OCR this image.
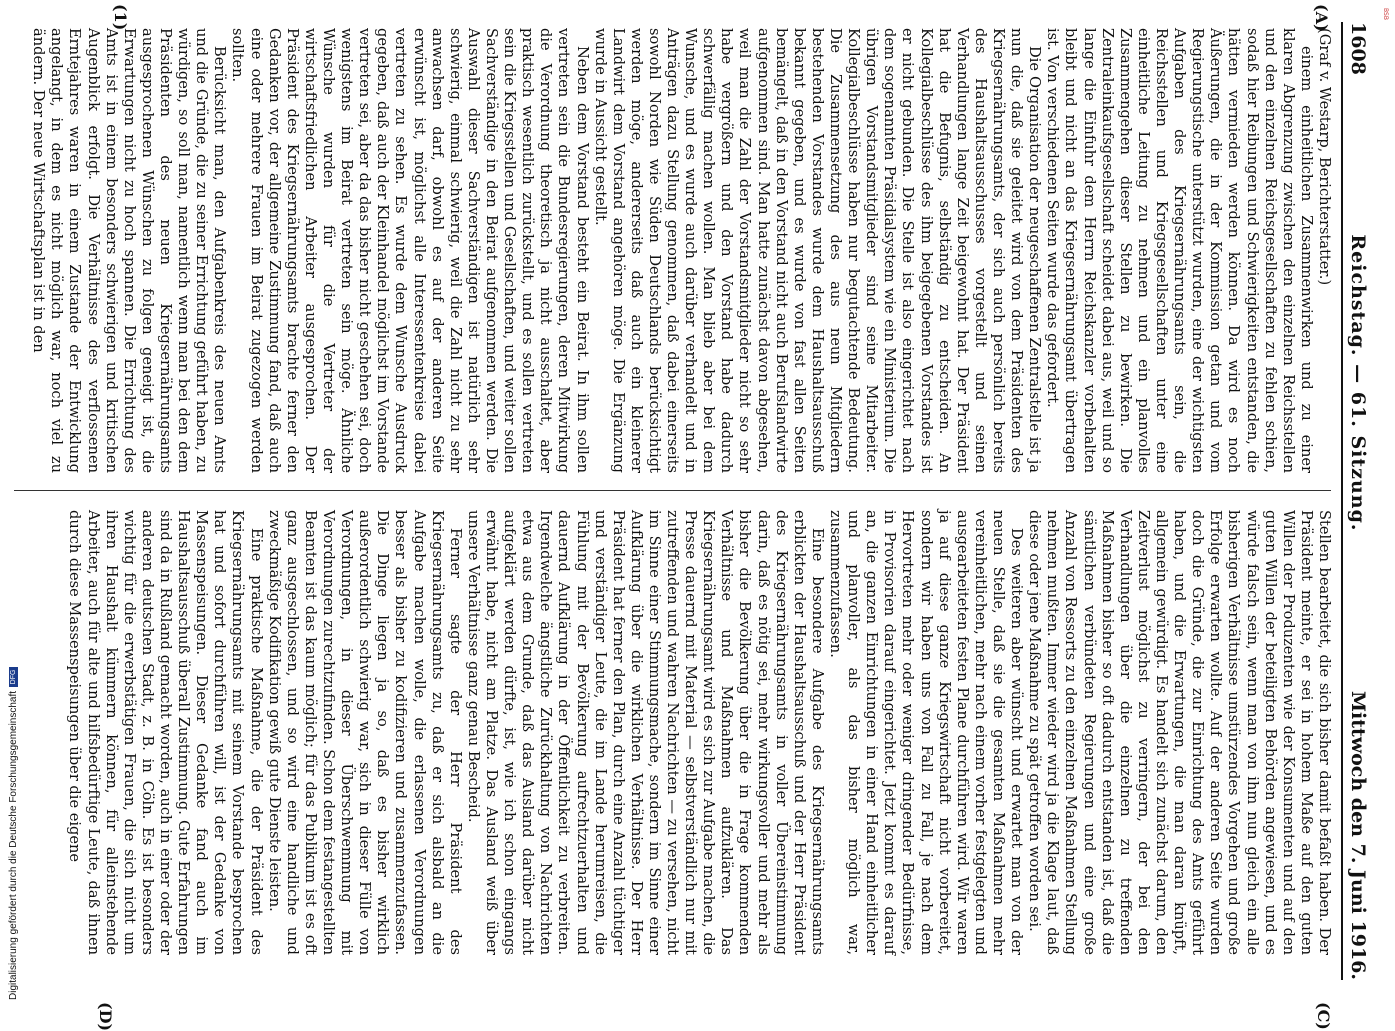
1608
Reichstag. — 61. Sitzung.
Mittwoch den 7. Juni 1916.
(A)
(1)
(C)
(D)

(Graf v. Westarp, Berichterstatter.)

einem einheitlichen Zusammenwirken und zu einer klaren Abgrenzung zwischen den einzelnen Reichsstellen und den einzelnen Reichsgesellschaften zu fehlen schien, sodaß hier Reibungen und Schwierigkeiten entstanden, die hätten vermieden werden können. Da wird es noch Äußerungen, die in der Kommission getan und vom Regierungstische unterstützt wurden, eine der wichtigsten Aufgaben des Kriegsernährungsamts sein, die Reichsstellen und Kriegsgesellschaften unter eine einheitliche Leitung zu nehmen und ein planvolles Zusammengehen dieser Stellen zu bewirken. Die Zentraleinkaufsgesellschaft scheidet dabei aus, weil und so lange die Einfuhr dem Herrn Reichskanzler vorbehalten bleibt und nicht an das Kriegsernährungsamt übertragen ist. Von verschiedenen Seiten wurde das gefordert.

Die Organisation der neugeschaffenen Zentralstelle ist ja nun die, daß sie geleitet wird von dem Präsidenten des Kriegsernährungsamts, der sich auch persönlich bereits des Haushaltsausschusses vorgestellt und seinen Verhandlungen lange Zeit beigewohnt hat. Der Präsident hat die Befugnis, selbständig zu entscheiden. An Kollegialbeschlüsse des ihm beigegebenen Vorstandes ist er nicht gebunden. Die Stelle ist also eingerichtet nach dem sogenannten Präsidialsystem wie ein Ministerium. Die übrigen Vorstandsmitglieder sind seine Mitarbeiter. Kollegialbeschlüsse haben nur begutachtende Bedeutung. Die Zusammensetzung des aus neun Mitgliedern bestehenden Vorstandes wurde dem Haushaltsausschuß bekannt gegeben, und es wurde von fast allen Seiten bemängelt, daß in den Vorstand nicht auch Berufslandwirte aufgenommen sind. Man hatte zunächst davon abgesehen, weil man die Zahl der Vorstandsmitglieder nicht so sehr habe vergrößern und den Vorstand habe dadurch schwerfällig machen wollen. Man blieb aber bei dem Wunsche, und es wurde auch darüber verhandelt und in Anträgen dazu Stellung genommen, daß dabei einerseits sowohl Norden wie Süden Deutschlands berücksichtigt werden möge, andererseits daß auch ein kleinerer Landwirt dem Vorstand angehören möge. Die Ergänzung wurde in Aussicht gestellt.

Neben dem Vorstand besteht ein Beirat. In ihm sollen vertreten sein die Bundesregierungen, deren Mitwirkung die Verordnung theoretisch ja nicht ausschaltet, aber praktisch wesentlich zurückstellt, und es sollen vertreten sein die Kriegsstellen und Gesellschaften, und weiter sollen Sachverständige in den Beirat aufgenommen werden. Die Auswahl dieser Sachverständigen ist natürlich sehr schwierig, einmal schwierig, weil die Zahl nicht zu sehr anwachsen darf, obwohl es auf der anderen Seite erwünscht ist, möglichst alle Interessentenkreise dabei vertreten zu sehen. Es wurde dem Wunsche Ausdruck gegeben, daß auch der Kleinhandel möglichst im Vorstande vertreten sei, aber da das bisher nicht geschehen sei, doch wenigstens im Beirat vertreten sein möge. Ähnliche Wünsche wurden für die Vertreter der wirtschaftsfriedlichen Arbeiter ausgesprochen. Der Präsident des Kriegsernährungsamts brachte ferner den Gedanken vor, der allgemeine Zustimmung fand, daß auch eine oder mehrere Frauen im Beirat zugezogen werden sollten.

Berücksicht man, den Aufgabenkreis des neuen Amts und die Gründe, die zu seiner Errichtung geführt haben, zu würdigen, so soll man, namentlich wenn man bei den dem Präsidenten des neuen Kriegsernährungsamts ausgesprochenen Wünschen zu folgen geneigt ist, die Erwartungen nicht zu hoch spannen. Die Errichtung des Amts ist in einem besonders schwierigen und kritischen Augenblick erfolgt. Die Verhältnisse des verflossenen Erntejahres waren in einem Zustande der Entwicklung angelangt, in dem es nicht möglich war, noch viel zu ändern. Der neue Wirtschaftsplan ist in den

Stellen bearbeitet, die sich bisher damit befaßt haben. Der Präsident meinte, er sei in hohem Maße auf den guten Willen der Produzenten wie der Konsumenten und auf den guten Willen der beteiligten Behörden angewiesen, und es würde falsch sein, wenn man von ihm nun gleich ein alle bisherigen Verhältnisse umstürzendes Vorgehen und große Erfolge erwarten wollte. Auf der anderen Seite wurden doch die Gründe, die zur Einrichtung des Amts geführt haben, und die Erwartungen, die man daran knüpft, allgemein gewürdigt. Es handelt sich zunächst darum, den Zeitverlust möglichst zu verringern, der bei den Verhandlungen über die einzelnen zu treffenden Maßnahmen bisher so oft dadurch entstanden ist, daß die sämtlichen verbündeten Regierungen und eine große Anzahl von Ressorts zu den einzelnen Maßnahmen Stellung nehmen mußten. Immer wieder wird ja die Klage laut, daß diese oder jene Maßnahme zu spät getroffen worden sei.

Des weiteren aber wünscht und erwartet man von der neuen Stelle, daß sie die gesamten Maßnahmen mehr vereinheitlichen, mehr nach einem vorher festgelegten und ausgearbeiteten festen Plane durchführen wird. Wir waren ja auf diese ganze Kriegswirtschaft nicht vorbereitet, sondern wir haben uns von Fall zu Fall, je nach dem Hervortreten mehr oder weniger dringender Bedürfnisse, in Provisorien darauf eingerichtet. Jetzt kommt es darauf an, die ganzen Einrichtungen in einer Hand einheitlicher und planvoller, als das bisher möglich war, zusammenzufassen.

Eine besondere Aufgabe des Kriegsernährungsamts erblickten der Haushaltsausschuß und der Herr Präsident des Kriegsernährungsamts in voller Übereinstimmung darin, daß es nötig sei, mehr wirkungsvoller und mehr als bisher die Bevölkerung über die in Frage kommenden Verhältnisse und Maßnahmen aufzuklären. Das Kriegsernährungsamt wird es sich zur Aufgabe machen, die Presse dauernd mit Material — selbstverständlich nur mit zutreffenden und wahren Nachrichten — zu versehen, nicht im Sinne einer Stimmungsmache, sondern im Sinne einer Aufklärung über die wirklichen Verhältnisse. Der Herr Präsident hat ferner den Plan, durch eine Anzahl tüchtiger und verständiger Leute, die im Lande herumreisen, die Fühlung mit der Bevölkerung aufrechtzuerhalten und dauernd Aufklärung in der Öffentlichkeit zu verbreiten. Irgendwelche ängstliche Zurückhaltung von Nachrichten etwa aus dem Grunde, daß das Ausland darüber nicht aufgeklärt werden dürfte, ist, wie ich schon eingangs erwähnt habe, nicht am Platze. Das Ausland weiß über unsere Verhältnisse ganz genau Bescheid.

Ferner sagte der Herr Präsident des Kriegsernährungsamts zu, daß er sich alsbald an die Aufgabe machen wolle, die erlassenen Verordnungen besser als bisher zu kodifizieren und zusammenzufassen. Die Dinge liegen ja so, daß es bisher wirklich außerordentlich schwierig war, sich in dieser Fülle von Verordnungen, in dieser Überschwemmung mit Verordnungen zurechtzufinden. Schon dem festangestellten Beamten ist das kaum möglich; für das Publikum ist es oft ganz ausgeschlossen, und so wird eine handliche und zweckmäßige Kodifikation gewiß gute Dienste leisten.

Eine praktische Maßnahme, die der Präsident des Kriegsernährungsamts mit seinem Vorstande besprochen hat und sofort durchführen will, ist der Gedanke von Massenspeisungen. Dieser Gedanke fand auch im Haushaltsausschuß überall Zustimmung. Gute Erfahrungen sind da in Rußland gemacht worden, auch in einer oder der anderen deutschen Stadt, z. B. in Cöln. Es ist besonders wichtig für die erwerbstätigen Frauen, die sich nicht um ihren Haushalt kümmern können, für alleinstehende Arbeiter, auch für alte und hilfsbedürftige Leute, daß ihnen durch diese Massenspeisungen über die eigene

BSB
Digitalisierung gefördert durch die Deutsche Forschungsgemeinschaft
DFG
